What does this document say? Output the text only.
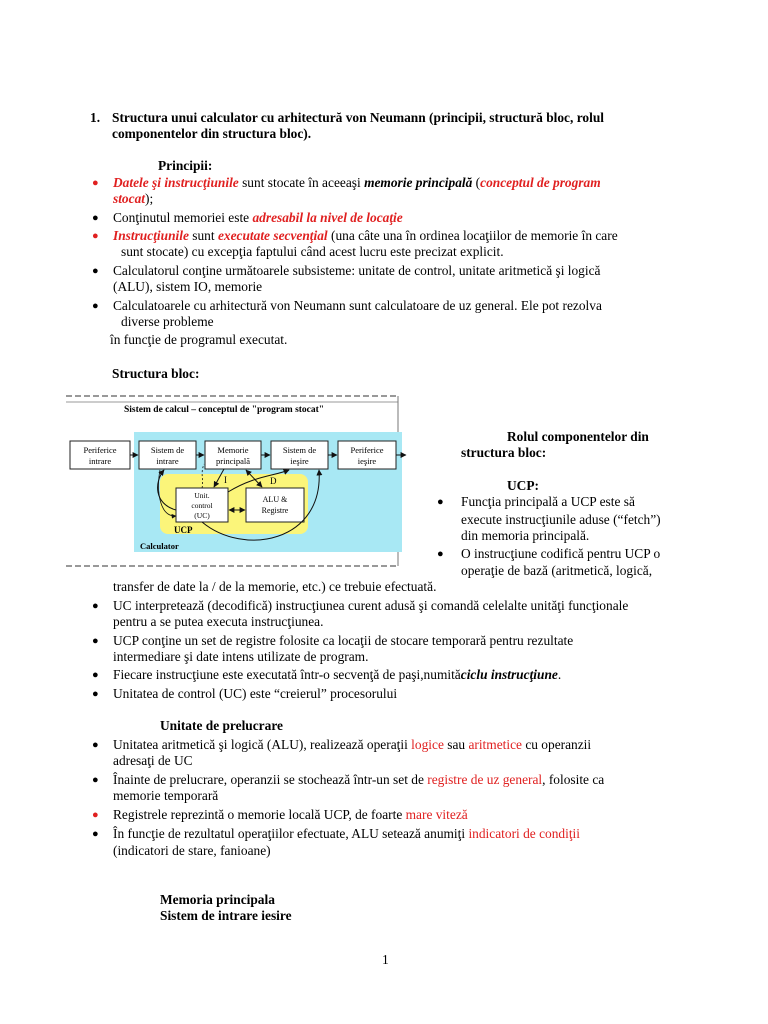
1. Structura unui calculator cu arhitectură von Neumann (principii, structură bloc, rolul
componentelor din structura bloc).
Principii:
● Datele şi instrucţiunile sunt stocate în aceeaşi memorie principală (conceptul de program
stocat);
● Conţinutul memoriei este adresabil la nivel de locaţie
● Instrucţiunile sunt executate secvenţial (una câte una în ordinea locaţiilor de memorie în care
sunt stocate) cu excepţia faptului când acest lucru este precizat explicit.
● Calculatorul conţine următoarele subsisteme: unitate de control, unitate aritmetică şi logică
(ALU), sistem IO, memorie
● Calculatoarele cu arhitectură von Neumann sunt calculatoare de uz general. Ele pot rezolva
diverse probleme
în funcţie de programul executat.
Structura bloc:
Sistem de calcul – conceptul de "program stocat"
Periferice
intrare
Sistem de
intrare
Memorie
principală
Sistem de
ieşire
Periferice
ieşire
Unit.
control
(UC)
ALU &
Registre
I	D
UCP
Calculator
Rolul componentelor din
structura bloc:
UCP:
● Funcţia principală a UCP este să
execute instrucţiunile aduse (“fetch”)
din memoria principală.
● O instrucţiune codifică pentru UCP o
operaţie de bază (aritmetică, logică,
transfer de date la / de la memorie, etc.) ce trebuie efectuată.
● UC interpretează (decodifică) instrucţiunea curent adusă şi comandă celelalte unităţi funcţionale
pentru a se putea executa instrucţiunea.
● UCP conţine un set de registre folosite ca locaţii de stocare temporară pentru rezultate
intermediare şi date intens utilizate de program.
● Fiecare instrucţiune este executată într-o secvenţă de paşi,numităciclu instrucţiune.
● Unitatea de control (UC) este “creierul” procesorului
Unitate de prelucrare
● Unitatea aritmetică şi logică (ALU), realizează operaţii logice sau aritmetice cu operanzii
adresaţi de UC
● Înainte de prelucrare, operanzii se stochează într-un set de registre de uz general, folosite ca
memorie temporară
● Registrele reprezintă o memorie locală UCP, de foarte mare viteză
● În funcţie de rezultatul operaţiilor efectuate, ALU setează anumiţi indicatori de condiţii
(indicatori de stare, fanioane)
Memoria principala
Sistem de intrare iesire
1
